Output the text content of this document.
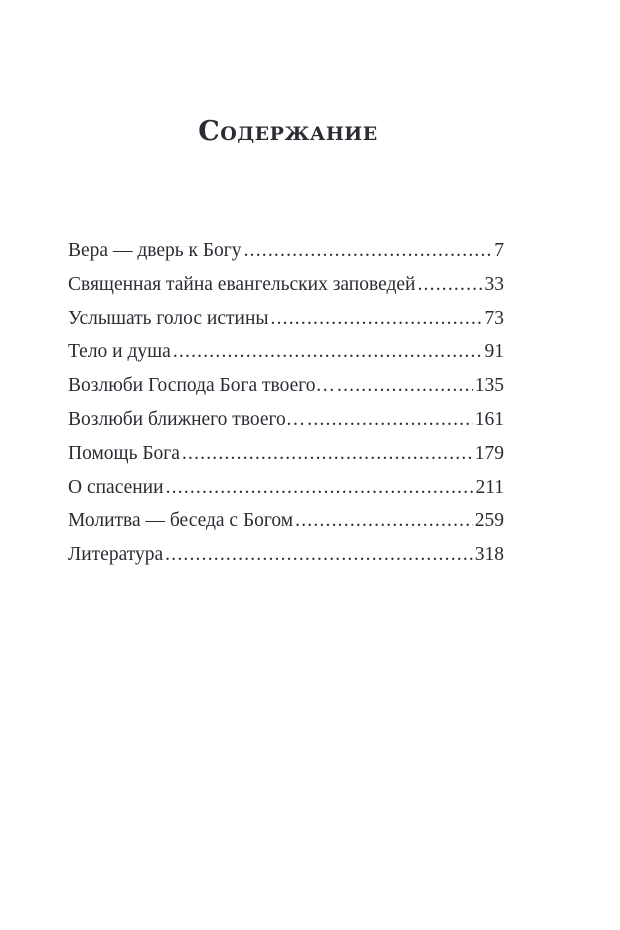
Содержание
Вера — дверь к Богу .....	7
Священная тайна евангельских заповедей .....	33
Услышать голос истины .....	73
Тело и душа .....	91
Возлюби Господа Бога твоего… .....	135
Возлюби ближнего твоего… .....	161
Помощь Бога .....	179
О спасении .....	211
Молитва — беседа с Богом .....	259
Литература .....	318
